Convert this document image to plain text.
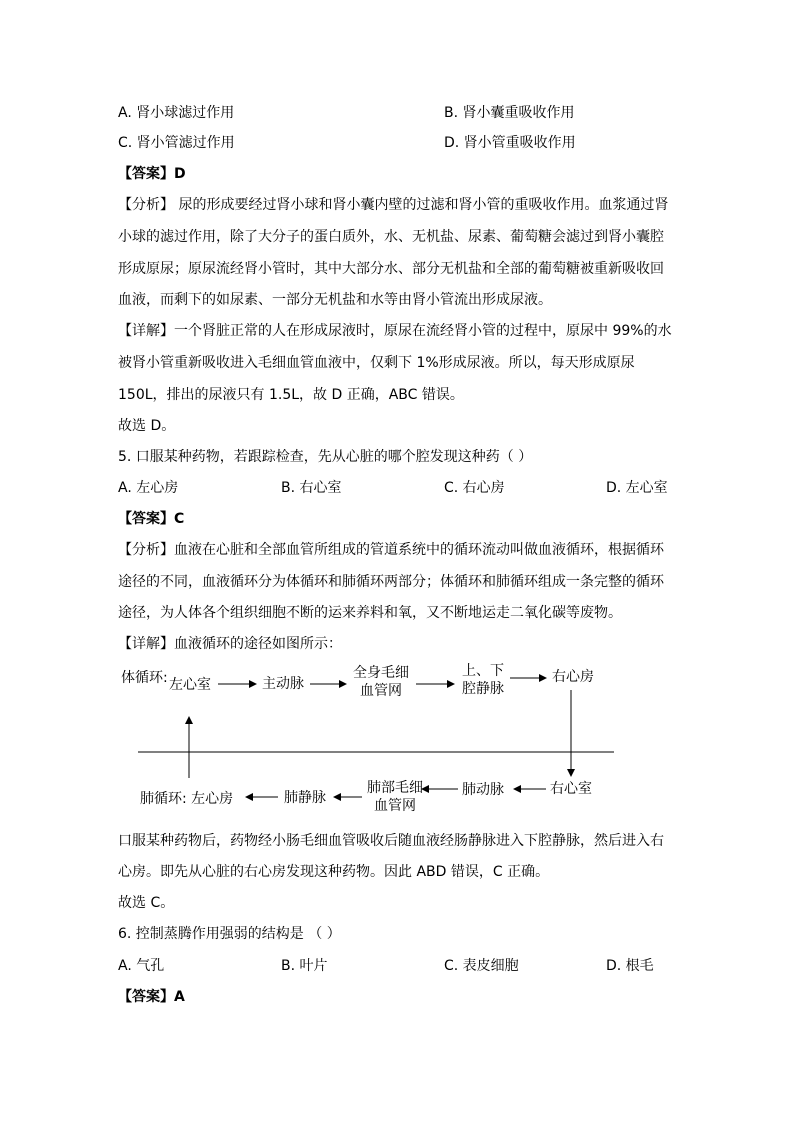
A. 肾小球滤过作用	B. 肾小囊重吸收作用
C. 肾小管滤过作用	D. 肾小管重吸收作用
【答案】D
【分析】 尿的形成要经过肾小球和肾小囊内壁的过滤和肾小管的重吸收作用。血浆通过肾
小球的滤过作用，除了大分子的蛋白质外，水、无机盐、尿素、葡萄糖会滤过到肾小囊腔
形成原尿；原尿流经肾小管时，其中大部分水、部分无机盐和全部的葡萄糖被重新吸收回
血液，而剩下的如尿素、一部分无机盐和水等由肾小管流出形成尿液。
【详解】一个肾脏正常的人在形成尿液时，原尿在流经肾小管的过程中，原尿中 99%的水
被肾小管重新吸收进入毛细血管血液中，仅剩下 1%形成尿液。所以，每天形成原尿
150L，排出的尿液只有 1.5L，故 D 正确，ABC 错误。
故选 D。
5. 口服某种药物，若跟踪检查，先从心脏的哪个腔发现这种药（ ）
A. 左心房	B. 右心室	C. 右心房	D. 左心室
【答案】C
【分析】血液在心脏和全部血管所组成的管道系统中的循环流动叫做血液循环，根据循环
途径的不同，血液循环分为体循环和肺循环两部分；体循环和肺循环组成一条完整的循环
途径，为人体各个组织细胞不断的运来养料和氧，又不断地运走二氧化碳等废物。
【详解】血液循环的途径如图所示：
体循环: 左心室	主动脉
全身毛细
血管网
上、下
腔静脉
右心房
右心室
肺动脉
肺部毛细
血管网
肺静脉
肺循环: 左心房
口服某种药物后，药物经小肠毛细血管吸收后随血液经肠静脉进入下腔静脉，然后进入右
心房。即先从心脏的右心房发现这种药物。因此 ABD 错误，C 正确。
故选 C。
6. 控制蒸腾作用强弱的结构是 （ ）
A. 气孔	B. 叶片	C. 表皮细胞	D. 根毛
【答案】A
